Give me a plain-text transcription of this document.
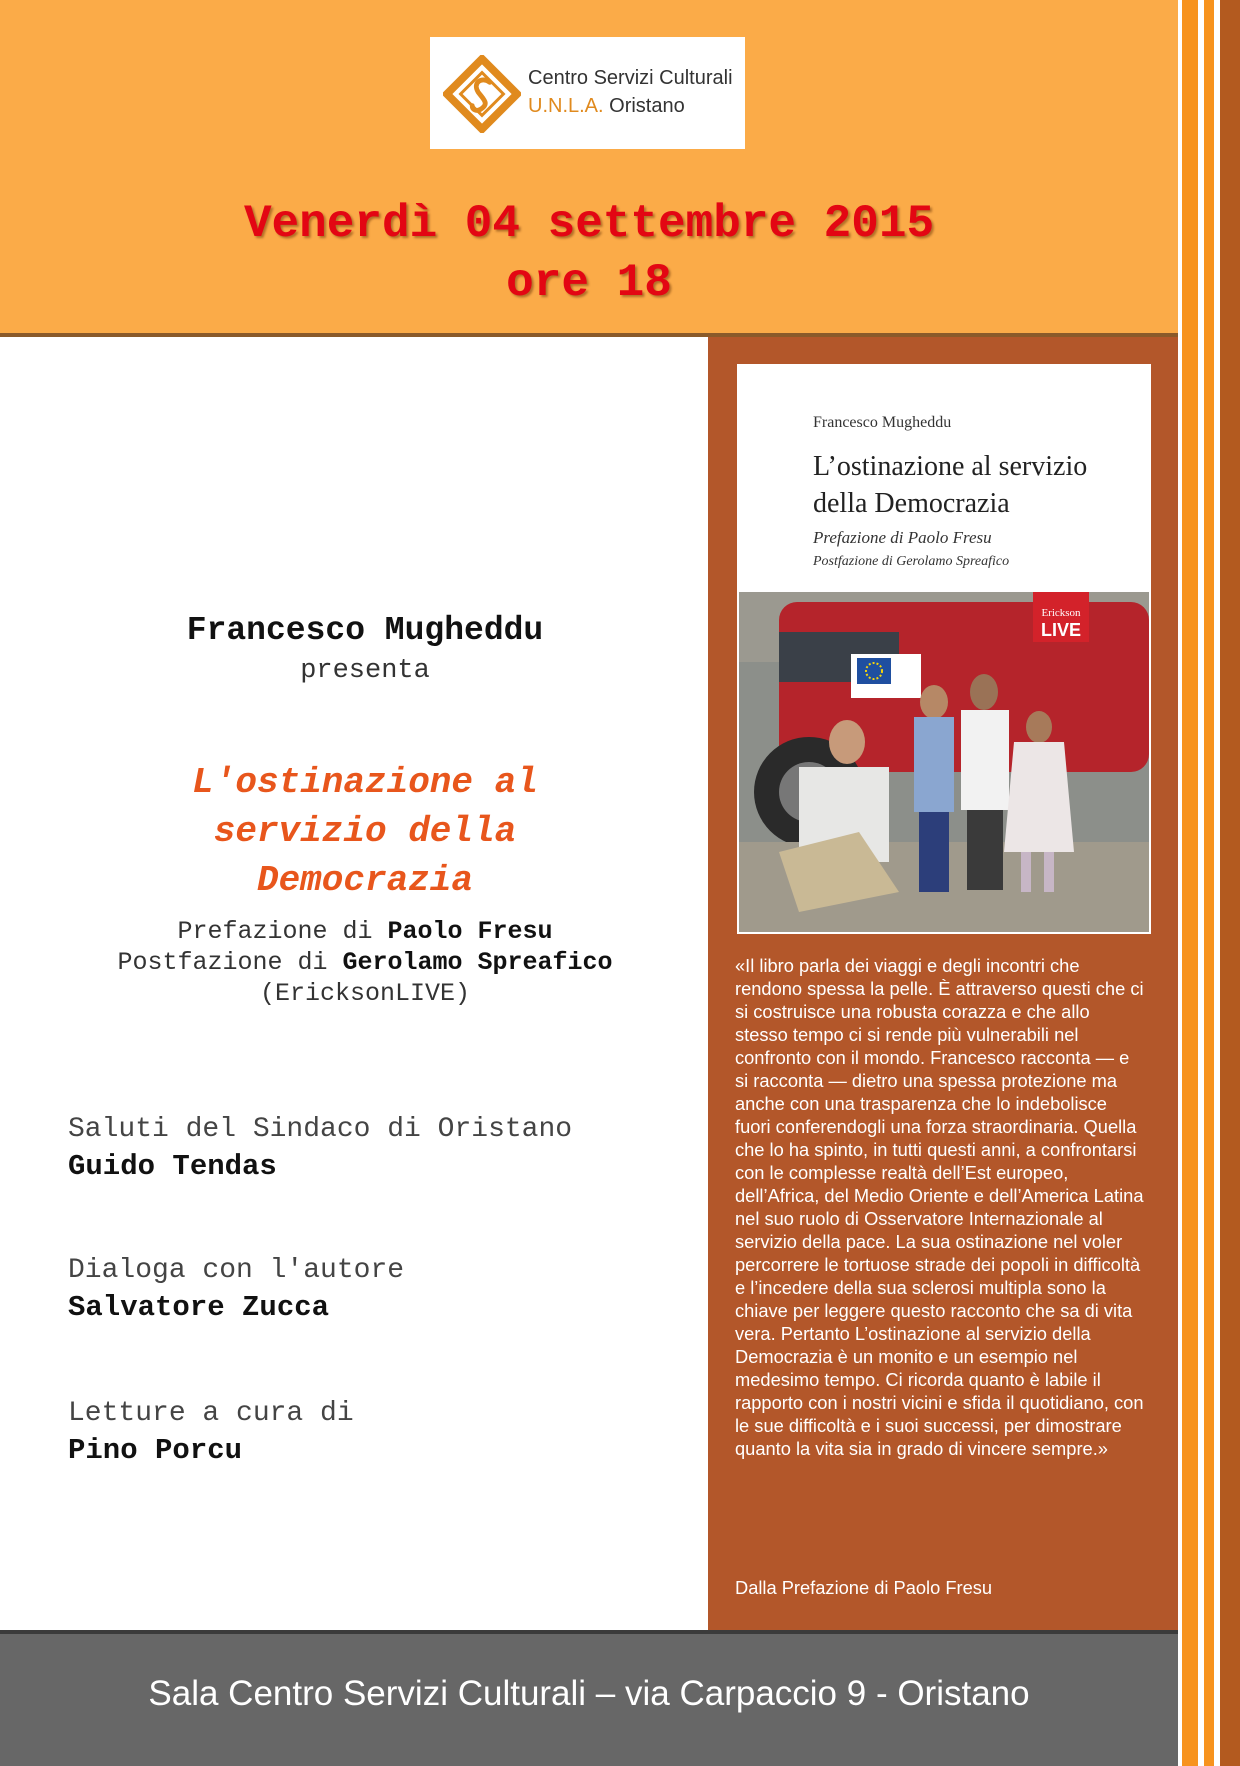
Centro Servizi Culturali
U.N.L.A. Oristano
Venerdì 04 settembre 2015
ore 18
Francesco Mugheddu
presenta
L'ostinazione al servizio della Democrazia
Prefazione di Paolo Fresu
Postfazione di Gerolamo Spreafico
(EricksonLIVE)
Saluti del Sindaco di Oristano
Guido Tendas
Dialoga con l'autore
Salvatore Zucca
Letture a cura di
Pino Porcu
Francesco Mugheddu
L’ostinazione al servizio
della Democrazia
Prefazione di Paolo Fresu
Postfazione di Gerolamo Spreafico
Erickson
LIVE
«Il libro parla dei viaggi e degli incontri che rendono spessa la pelle. È attraverso questi che ci si costruisce una robusta corazza e che allo stesso tempo ci si rende più vulnerabili nel confronto con il mondo. Francesco racconta — e si racconta — dietro una spessa protezione ma anche con una trasparenza che lo indebolisce fuori conferendogli una forza straordinaria. Quella che lo ha spinto, in tutti questi anni, a confrontarsi con le complesse realtà dell’Est europeo, dell’Africa, del Medio Oriente e dell’America Latina nel suo ruolo di Osservatore Internazionale al servizio della pace. La sua ostinazione nel voler percorrere le tortuose strade dei popoli in difficoltà e l’incedere della sua sclerosi multipla sono la chiave per leggere questo racconto che sa di vita vera. Pertanto L’ostinazione al servizio della Democrazia è un monito e un esempio nel medesimo tempo. Ci ricorda quanto è labile il rapporto con i nostri vicini e sfida il quotidiano, con le sue difficoltà e i suoi successi, per dimostrare quanto la vita sia in grado di vincere sempre.»
Dalla Prefazione di Paolo Fresu
Sala Centro Servizi Culturali – via Carpaccio 9 - Oristano
